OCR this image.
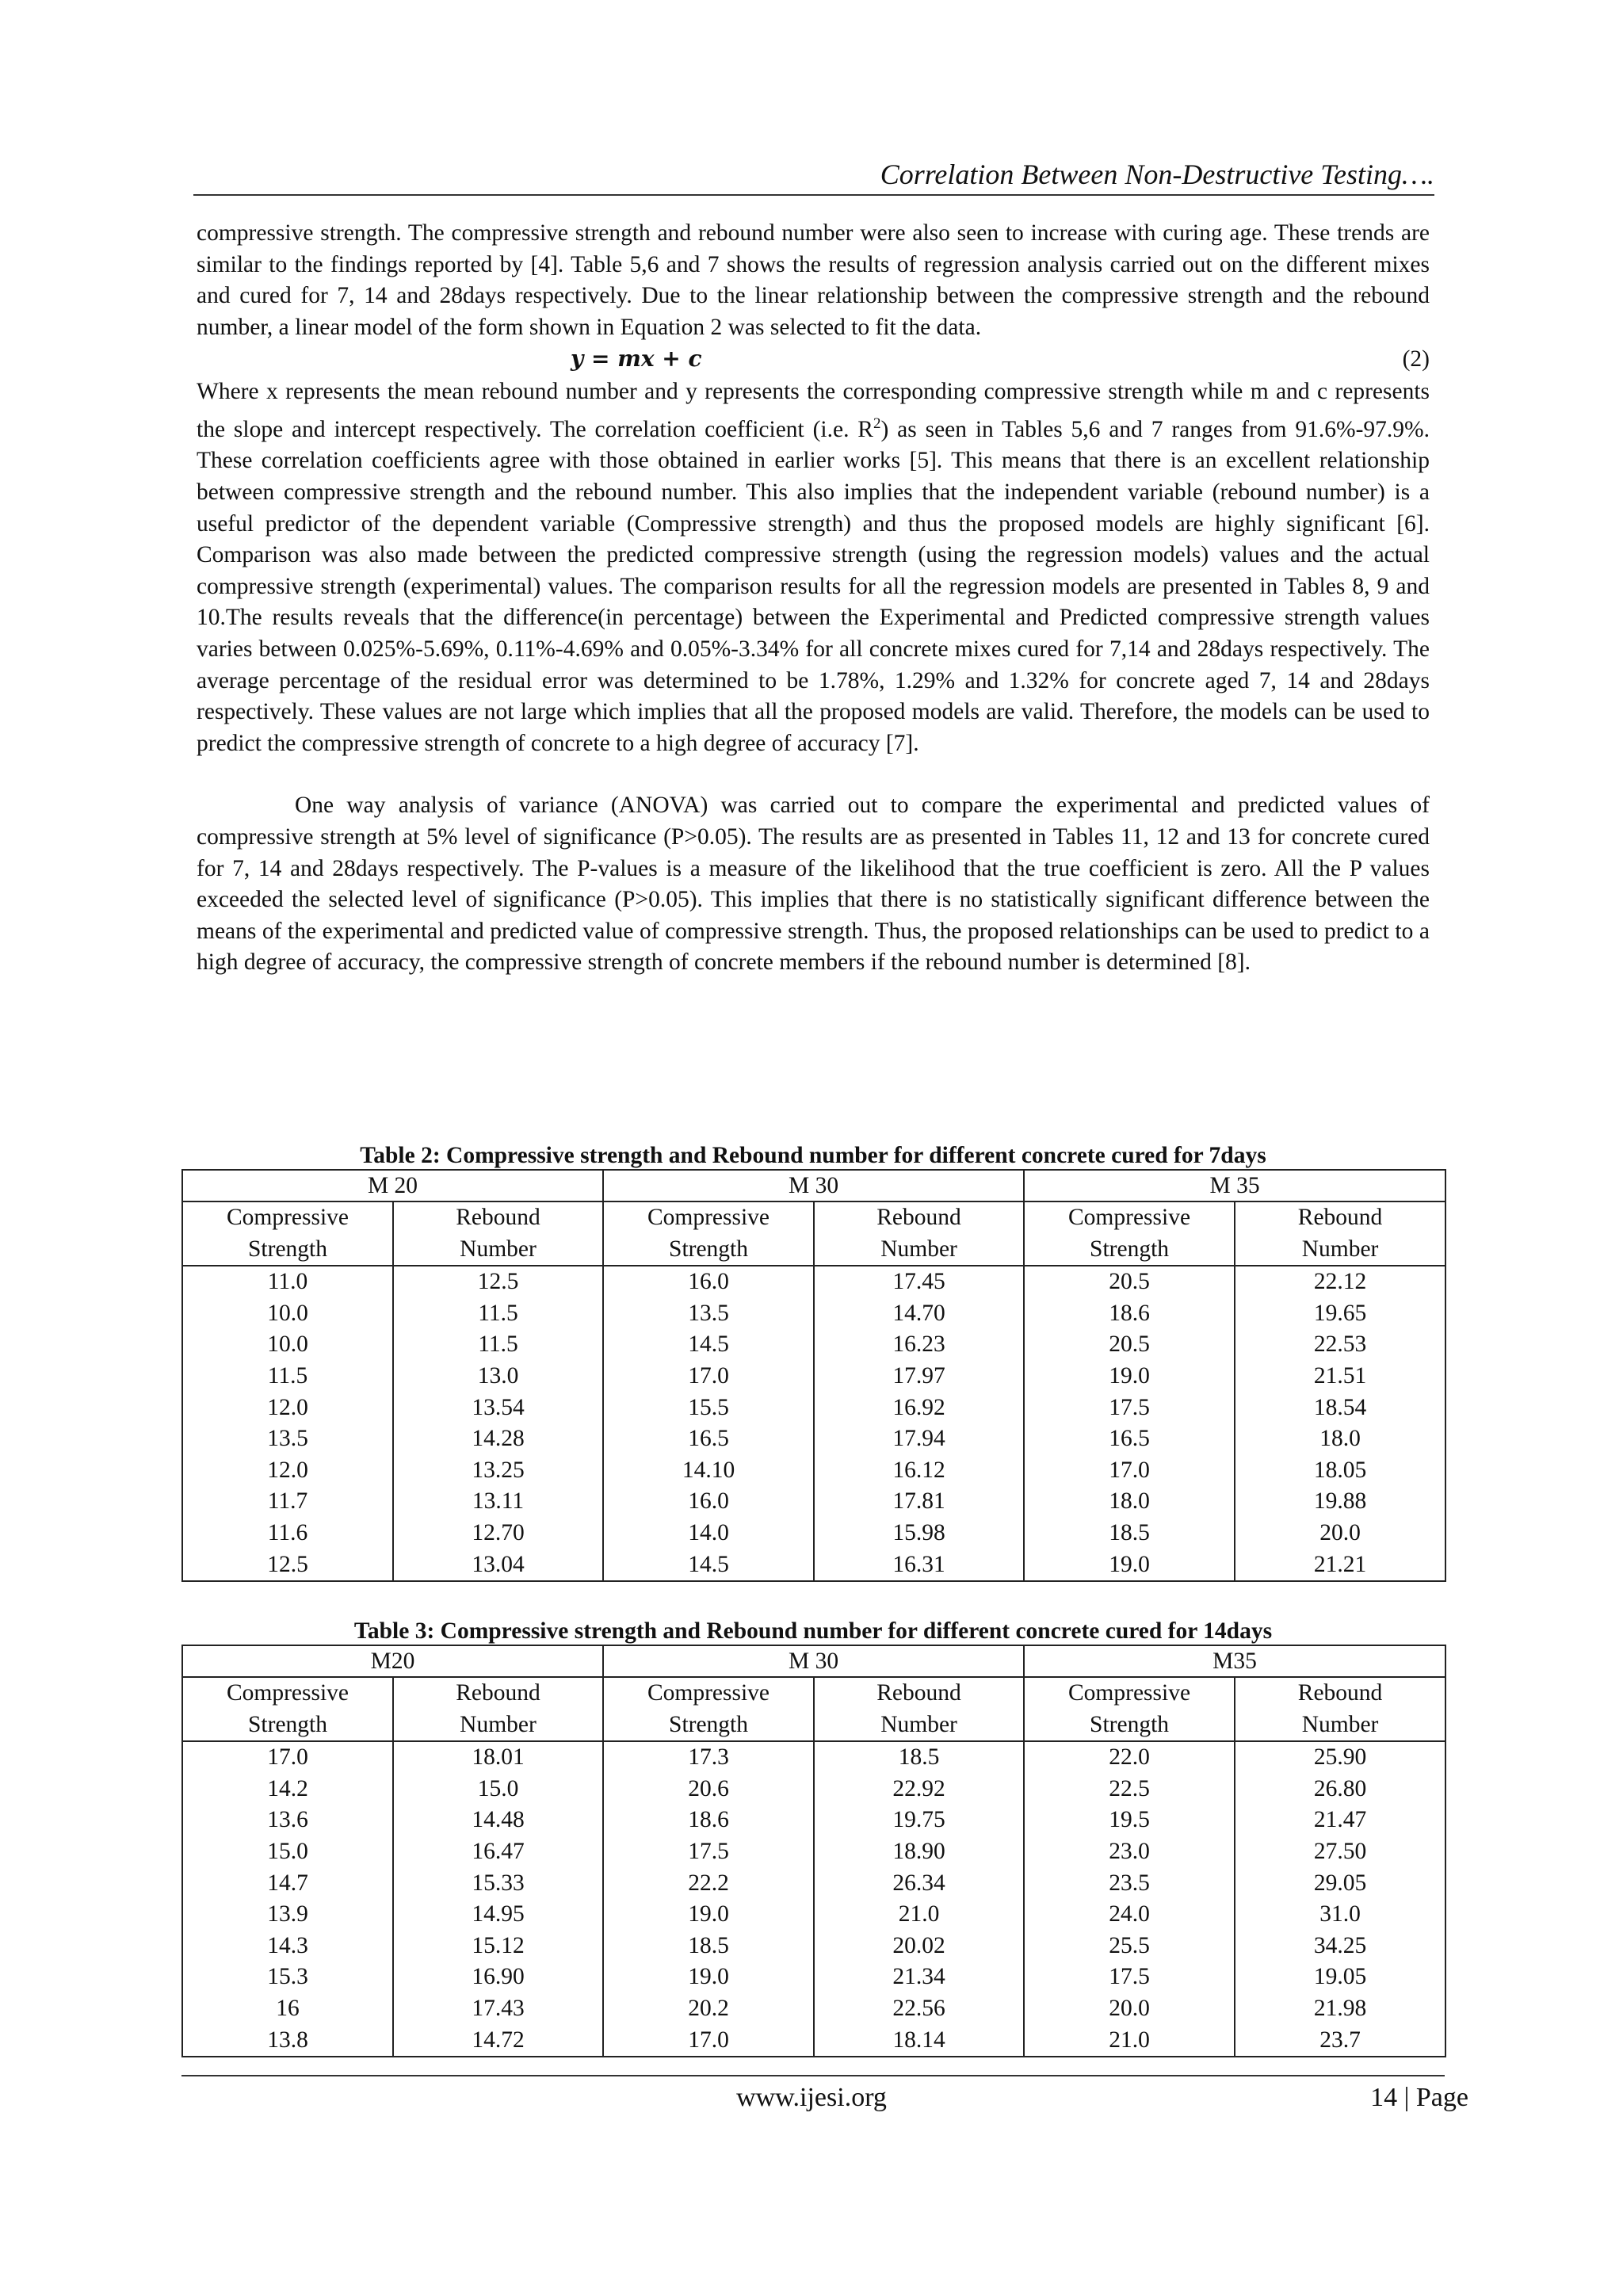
Correlation Between Non-Destructive Testing….

compressive strength. The compressive strength and rebound number were also seen to increase with curing age. These trends are similar to the findings reported by [4]. Table 5,6 and 7 shows the results of regression analysis carried out on the different mixes and cured for 7, 14 and 28days respectively. Due to the linear relationship between the compressive strength and the rebound number, a linear model of the form shown in Equation 2 was selected to fit the data.

y = mx + c	(2)

Where x represents the mean rebound number and y represents the corresponding compressive strength while m and c represents the slope and intercept respectively. The correlation coefficient (i.e. $R^2$) as seen in Tables 5,6 and 7 ranges from 91.6%-97.9%. These correlation coefficients agree with those obtained in earlier works [5]. This means that there is an excellent relationship between compressive strength and the rebound number. This also implies that the independent variable (rebound number) is a useful predictor of the dependent variable (Compressive strength) and thus the proposed models are highly significant [6]. Comparison was also made between the predicted compressive strength (using the regression models) values and the actual compressive strength (experimental) values. The comparison results for all the regression models are presented in Tables 8, 9 and 10.The results reveals that the difference(in percentage) between the Experimental and Predicted compressive strength values varies between 0.025%-5.69%, 0.11%-4.69% and 0.05%-3.34% for all concrete mixes cured for 7,14 and 28days respectively. The average percentage of the residual error was determined to be 1.78%, 1.29% and 1.32% for concrete aged 7, 14 and 28days respectively. These values are not large which implies that all the proposed models are valid. Therefore, the models can be used to predict the compressive strength of concrete to a high degree of accuracy [7].

One way analysis of variance (ANOVA) was carried out to compare the experimental and predicted values of compressive strength at 5% level of significance (P>0.05). The results are as presented in Tables 11, 12 and 13 for concrete cured for 7, 14 and 28days respectively. The P-values is a measure of the likelihood that the true coefficient is zero. All the P values exceeded the selected level of significance (P>0.05). This implies that there is no statistically significant difference between the means of the experimental and predicted value of compressive strength. Thus, the proposed relationships can be used to predict to a high degree of accuracy, the compressive strength of concrete members if the rebound number is determined [8].

Table 2: Compressive strength and Rebound number for different concrete cured for 7days
M 20		M 30		M 35	
Compressive	Rebound	Compressive	Rebound	Compressive	Rebound
Strength	Number	Strength	Number	Strength	Number
11.0	12.5	16.0	17.45	20.5	22.12
10.0	11.5	13.5	14.70	18.6	19.65
10.0	11.5	14.5	16.23	20.5	22.53
11.5	13.0	17.0	17.97	19.0	21.51
12.0	13.54	15.5	16.92	17.5	18.54
13.5	14.28	16.5	17.94	16.5	18.0
12.0	13.25	14.10	16.12	17.0	18.05
11.7	13.11	16.0	17.81	18.0	19.88
11.6	12.70	14.0	15.98	18.5	20.0
12.5	13.04	14.5	16.31	19.0	21.21
Table 3: Compressive strength and Rebound number for different concrete cured for 14days
M20		M 30		M35	
Compressive	Rebound	Compressive	Rebound	Compressive	Rebound
Strength	Number	Strength	Number	Strength	Number
17.0	18.01	17.3	18.5	22.0	25.90
14.2	15.0	20.6	22.92	22.5	26.80
13.6	14.48	18.6	19.75	19.5	21.47
15.0	16.47	17.5	18.90	23.0	27.50
14.7	15.33	22.2	26.34	23.5	29.05
13.9	14.95	19.0	21.0	24.0	31.0
14.3	15.12	18.5	20.02	25.5	34.25
15.3	16.90	19.0	21.34	17.5	19.05
16	17.43	20.2	22.56	20.0	21.98
13.8	14.72	17.0	18.14	21.0	23.7
www.ijesi.org	14 | Page
